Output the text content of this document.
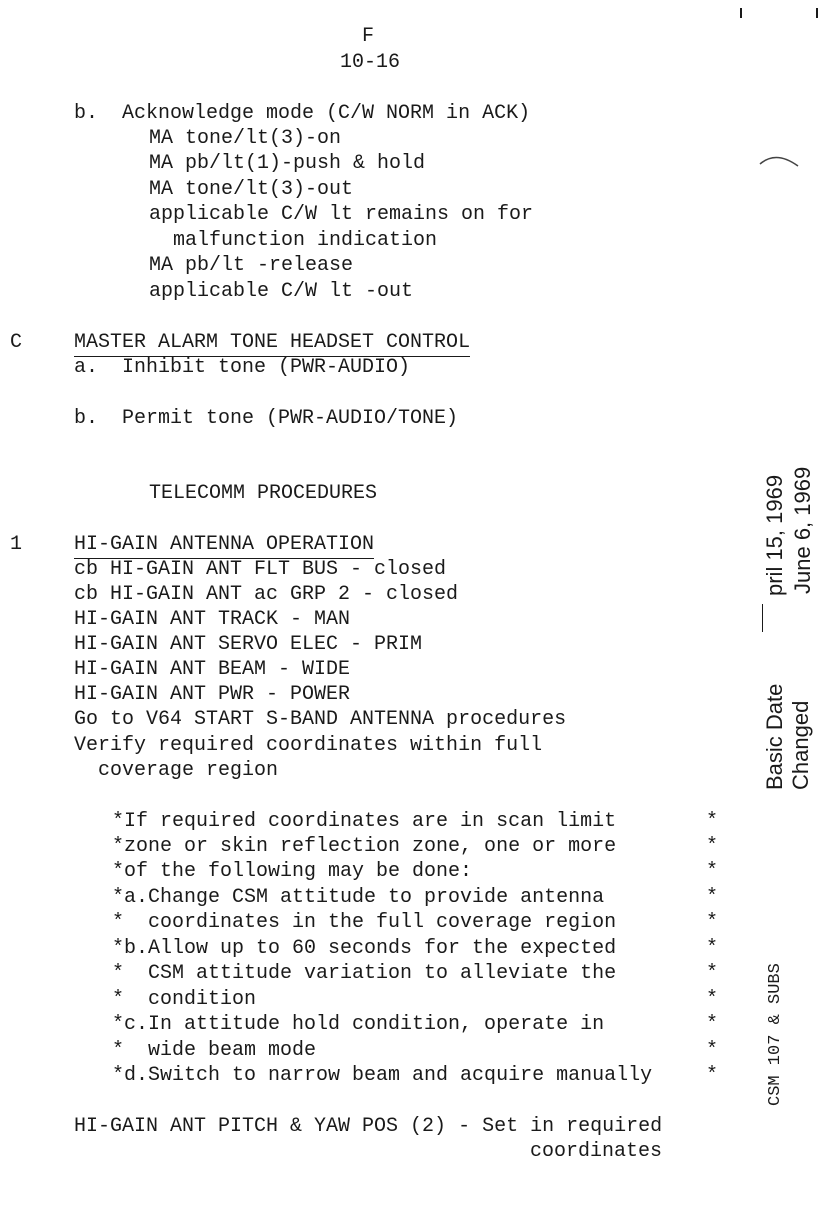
F
10-16
b.  Acknowledge mode (C/W NORM in ACK)
MA tone/lt(3)-on
MA pb/lt(1)-push & hold
MA tone/lt(3)-out
applicable C/W lt remains on for
malfunction indication
MA pb/lt -release
applicable C/W lt -out
C	MASTER ALARM TONE HEADSET CONTROL
a.  Inhibit tone (PWR-AUDIO)
b.  Permit tone (PWR-AUDIO/TONE)
TELECOMM PROCEDURES
1	HI-GAIN ANTENNA OPERATION
cb HI-GAIN ANT FLT BUS - closed
cb HI-GAIN ANT ac GRP 2 - closed
HI-GAIN ANT TRACK - MAN
HI-GAIN ANT SERVO ELEC - PRIM
HI-GAIN ANT BEAM - WIDE
HI-GAIN ANT PWR - POWER
Go to V64 START S-BAND ANTENNA procedures
Verify required coordinates within full
coverage region
*If required coordinates are in scan limit
*zone or skin reflection zone, one or more
*of the following may be done:
*a.Change CSM attitude to provide antenna
*  coordinates in the full coverage region
*b.Allow up to 60 seconds for the expected
*  CSM attitude variation to alleviate the
*  condition
*c.In attitude hold condition, operate in
*  wide beam mode
*d.Switch to narrow beam and acquire manually
*
*
*
*
*
*
*
*
*
*
*
HI-GAIN ANT PITCH & YAW POS (2) - Set in required
coordinates
Basic Date
pril 15, 1969
Changed
June 6, 1969
CSM 107 & SUBS
